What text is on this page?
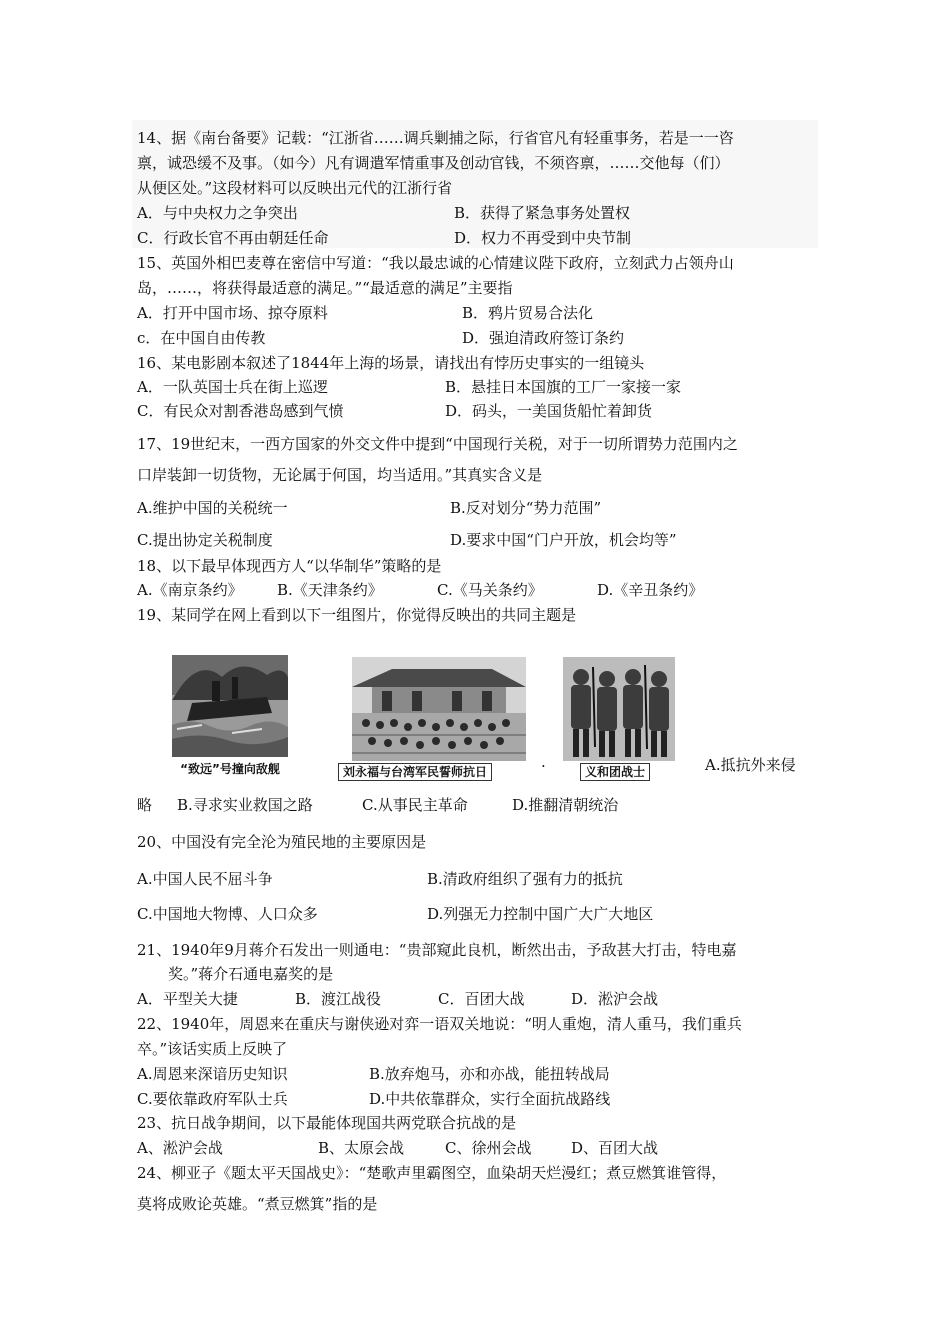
14、据《南台备要》记载：“江浙省……调兵剿捕之际，行省官凡有轻重事务，若是一一咨
禀，诚恐缓不及事。（如今）凡有调遣军情重事及创动官钱，不须咨禀，……交他每（们）
从便区处。”这段材料可以反映出元代的江浙行省
A．与中央权力之争突出	B．获得了紧急事务处置权
C．行政长官不再由朝廷任命	D．权力不再受到中央节制
15、英国外相巴麦尊在密信中写道：“我以最忠诚的心情建议陛下政府，立刻武力占领舟山
岛，……，将获得最适意的满足。”“最适意的满足”主要指
A．打开中国市场、掠夺原料	B．鸦片贸易合法化
c．在中国自由传教	D．强迫清政府签订条约
16、某电影剧本叙述了1844年上海的场景，请找出有悖历史事实的一组镜头
A．一队英国士兵在街上巡逻	B．悬挂日本国旗的工厂一家接一家
C．有民众对割香港岛感到气愤	D．码头，一美国货船忙着卸货
17、19世纪末，一西方国家的外交文件中提到“中国现行关税，对于一切所谓势力范围内之
口岸装卸一切货物，无论属于何国，均当适用。”其真实含义是
A.维护中国的关税统一	B.反对划分“势力范围”
C.提出协定关税制度	D.要求中国“门户开放，机会均等”
18、以下最早体现西方人“以华制华”策略的是
A.《南京条约》 B.《天津条约》	C.《马关条约》	D.《辛丑条约》
19、某同学在网上看到以下一组图片，你觉得反映出的共同主题是
“致远”号撞向敌舰	刘永福与台湾军民誓师抗日	义和团战士
.	A.抵抗外来侵
略 B.寻求实业救国之路	C.从事民主革命	D.推翻清朝统治
20、中国没有完全沦为殖民地的主要原因是
A.中国人民不屈斗争	B.清政府组织了强有力的抵抗
C.中国地大物博、人口众多	D.列强无力控制中国广大广大地区
21、1940年9月蒋介石发出一则通电：“贵部窥此良机，断然出击，予敌甚大打击，特电嘉
奖。”蒋介石通电嘉奖的是
A．平型关大捷	B．渡江战役	C．百团大战	D．淞沪会战
22、1940年，周恩来在重庆与谢侠逊对弈一语双关地说：“明人重炮，清人重马，我们重兵
卒。”该话实质上反映了
A.周恩来深谙历史知识	B.放弃炮马，亦和亦战，能扭转战局
C.要依靠政府军队士兵	D.中共依靠群众，实行全面抗战路线
23、抗日战争期间，以下最能体现国共两党联合抗战的是
A、淞沪会战	B、太原会战	C、徐州会战	D、百团大战
24、柳亚子《题太平天国战史》：“楚歌声里霸图空，血染胡天烂漫红；煮豆燃箕谁管得，
莫将成败论英雄。“煮豆燃箕”指的是
